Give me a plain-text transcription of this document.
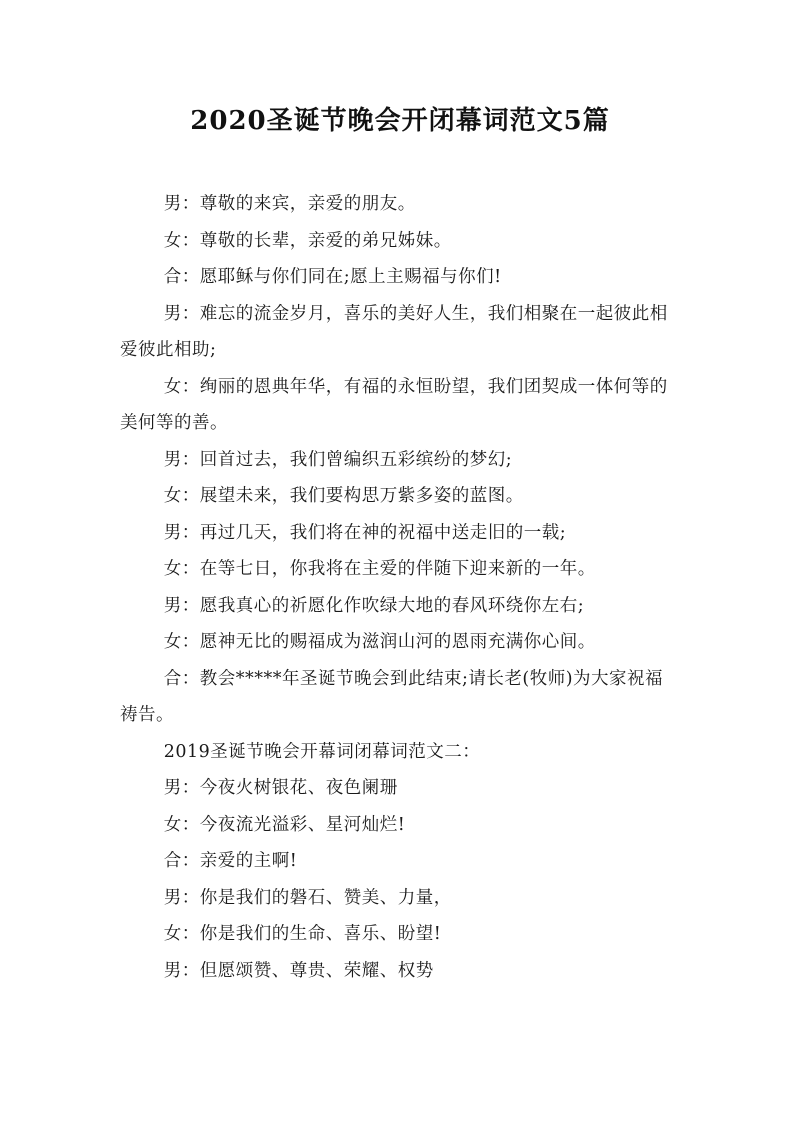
2020圣诞节晚会开闭幕词范文5篇

男：尊敬的来宾，亲爱的朋友。

女：尊敬的长辈，亲爱的弟兄姊妹。

合：愿耶稣与你们同在;愿上主赐福与你们!

男：难忘的流金岁月，喜乐的美好人生，我们相聚在一起彼此相爱彼此相助;

女：绚丽的恩典年华，有福的永恒盼望，我们团契成一体何等的美何等的善。

男：回首过去，我们曾编织五彩缤纷的梦幻;

女：展望未来，我们要构思万紫多姿的蓝图。

男：再过几天，我们将在神的祝福中送走旧的一载;

女：在等七日，你我将在主爱的伴随下迎来新的一年。

男：愿我真心的祈愿化作吹绿大地的春风环绕你左右;

女：愿神无比的赐福成为滋润山河的恩雨充满你心间。

合：教会*****年圣诞节晚会到此结束;请长老(牧师)为大家祝福祷告。

2019圣诞节晚会开幕词闭幕词范文二：

男：今夜火树银花、夜色阑珊

女：今夜流光溢彩、星河灿烂!

合：亲爱的主啊!

男：你是我们的磐石、赞美、力量，

女：你是我们的生命、喜乐、盼望!

男：但愿颂赞、尊贵、荣耀、权势
